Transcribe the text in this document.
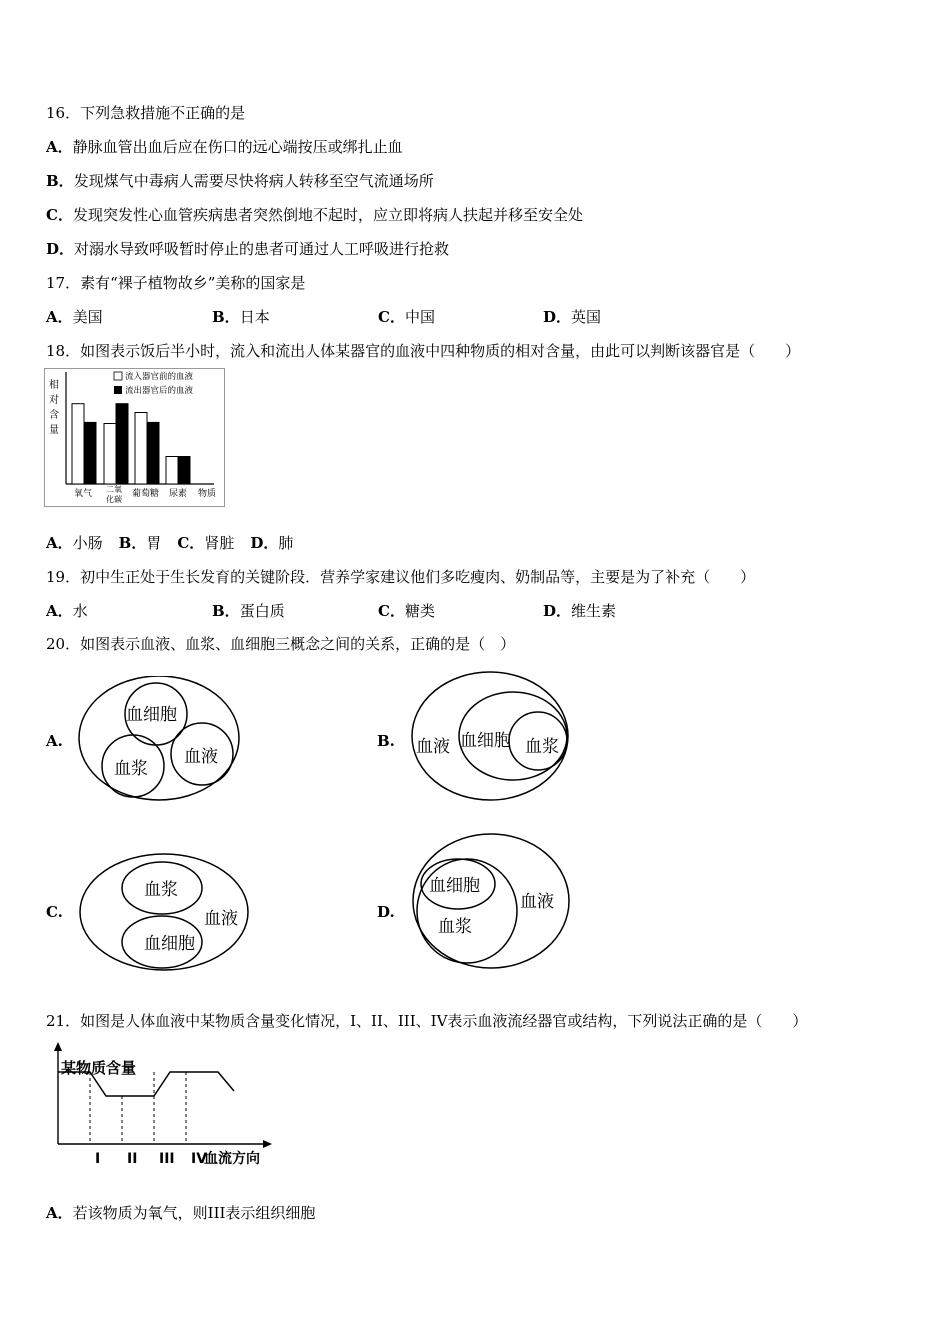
16．下列急救措施不正确的是
A．静脉血管出血后应在伤口的远心端按压或绑扎止血
B．发现煤气中毒病人需要尽快将病人转移至空气流通场所
C．发现突发性心血管疾病患者突然倒地不起时，应立即将病人扶起并移至安全处
D．对溺水导致呼吸暂时停止的患者可通过人工呼吸进行抢救
17．素有“裸子植物故乡”美称的国家是
A．美国	B．日本	C．中国	D．英国
18．如图表示饭后半小时，流入和流出人体某器官的血液中四种物质的相对含量，由此可以判断该器官是（　　）
相
对
含
量
流入器官前的血液
流出器官后的血液
氧气 二氧
化碳
葡萄糖 尿素 物质
A．小肠 B．胃 C．肾脏 D．肺
19．初中生正处于生长发育的关键阶段．营养学家建议他们多吃瘦肉、奶制品等，主要是为了补充（　　）
A．水	B．蛋白质	C．糖类	D．维生素
20．如图表示血液、血浆、血细胞三概念之间的关系，正确的是（　）
A.	B.
C.	D.
血细胞
血浆
血液	血液 血细胞 血浆
血浆
血液
血细胞
血细胞
血浆
血液
21．如图是人体血液中某物质含量变化情况，I、II、III、IV表示血液流经器官或结构，下列说法正确的是（　　）
某物质含量
I II III IV
血流方向
A．若该物质为氧气，则III表示组织细胞
